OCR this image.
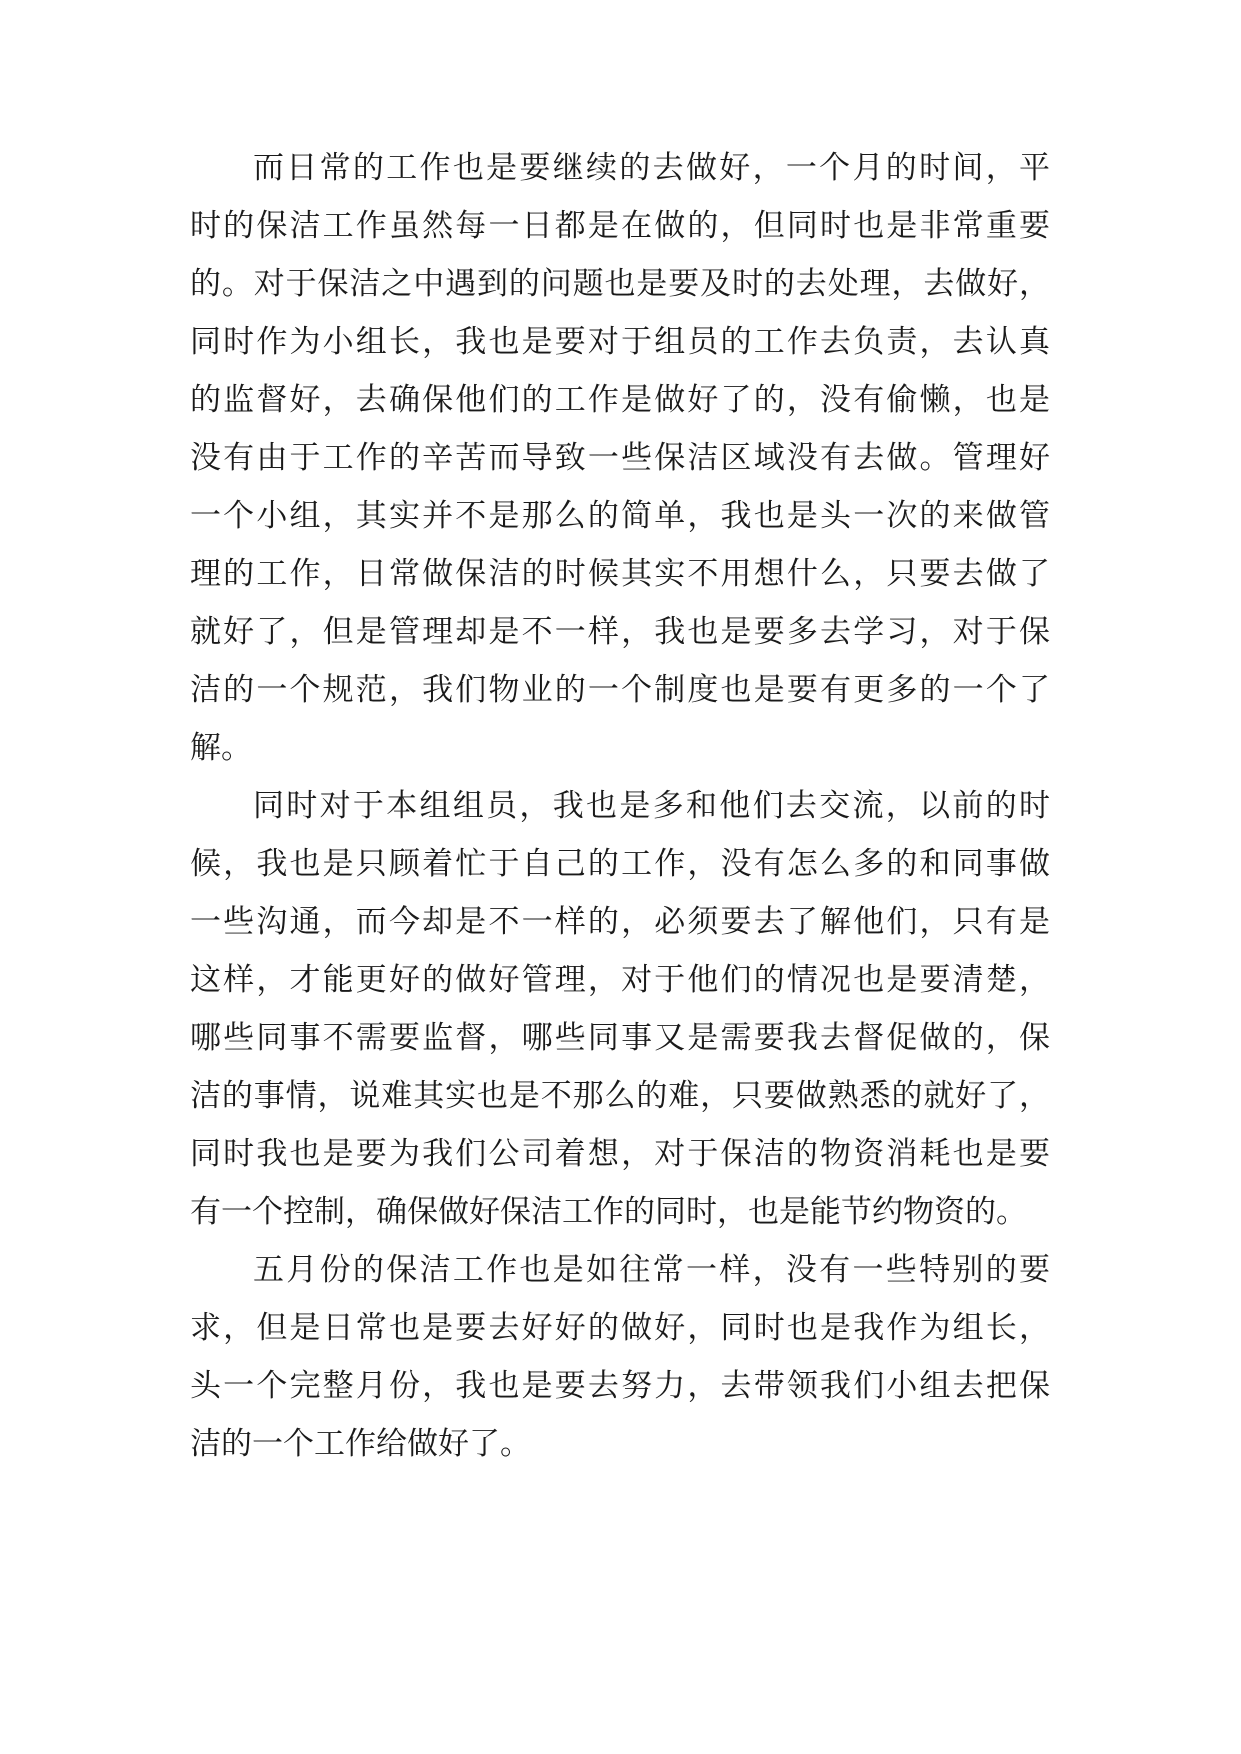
而日常的工作也是要继续的去做好，一个月的时间，平
时的保洁工作虽然每一日都是在做的，但同时也是非常重要
的。对于保洁之中遇到的问题也是要及时的去处理，去做好，
同时作为小组长，我也是要对于组员的工作去负责，去认真
的监督好，去确保他们的工作是做好了的，没有偷懒，也是
没有由于工作的辛苦而导致一些保洁区域没有去做。管理好
一个小组，其实并不是那么的简单，我也是头一次的来做管
理的工作，日常做保洁的时候其实不用想什么，只要去做了
就好了，但是管理却是不一样，我也是要多去学习，对于保
洁的一个规范，我们物业的一个制度也是要有更多的一个了
解。
同时对于本组组员，我也是多和他们去交流，以前的时
候，我也是只顾着忙于自己的工作，没有怎么多的和同事做
一些沟通，而今却是不一样的，必须要去了解他们，只有是
这样，才能更好的做好管理，对于他们的情况也是要清楚，
哪些同事不需要监督，哪些同事又是需要我去督促做的，保
洁的事情，说难其实也是不那么的难，只要做熟悉的就好了，
同时我也是要为我们公司着想，对于保洁的物资消耗也是要
有一个控制，确保做好保洁工作的同时，也是能节约物资的。
五月份的保洁工作也是如往常一样，没有一些特别的要
求，但是日常也是要去好好的做好，同时也是我作为组长，
头一个完整月份，我也是要去努力，去带领我们小组去把保
洁的一个工作给做好了。
